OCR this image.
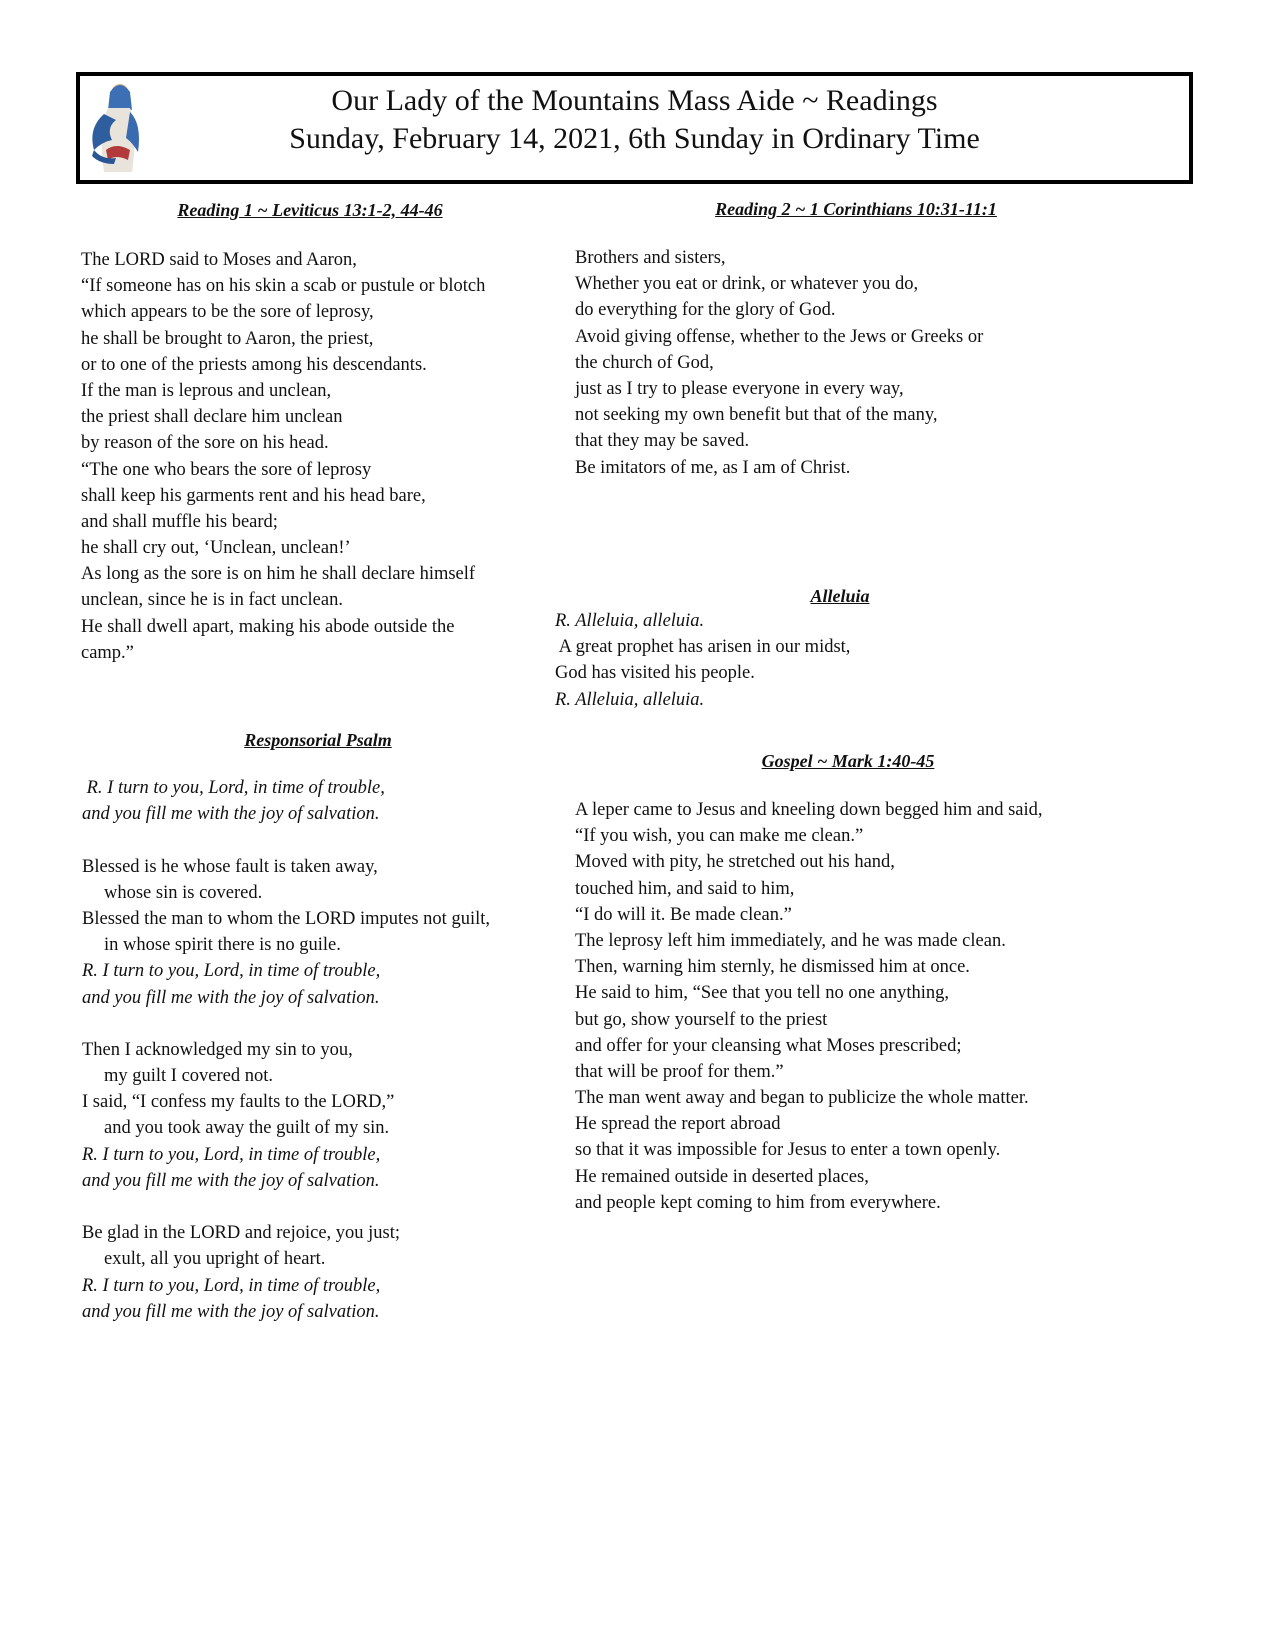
Our Lady of the Mountains Mass Aide ~ Readings
Sunday, February 14, 2021, 6th Sunday in Ordinary Time
Reading 1 ~ Leviticus 13:1-2, 44-46
The LORD said to Moses and Aaron,
“If someone has on his skin a scab or pustule or blotch
which appears to be the sore of leprosy,
he shall be brought to Aaron, the priest,
or to one of the priests among his descendants.
If the man is leprous and unclean,
the priest shall declare him unclean
by reason of the sore on his head.
“The one who bears the sore of leprosy
shall keep his garments rent and his head bare,
and shall muffle his beard;
he shall cry out, ‘Unclean, unclean!’
As long as the sore is on him he shall declare himself
unclean, since he is in fact unclean.
He shall dwell apart, making his abode outside the
camp.”
Reading 2 ~ 1 Corinthians 10:31-11:1
Brothers and sisters,
Whether you eat or drink, or whatever you do,
do everything for the glory of God.
Avoid giving offense, whether to the Jews or Greeks or
the church of God,
just as I try to please everyone in every way,
not seeking my own benefit but that of the many,
that they may be saved.
Be imitators of me, as I am of Christ.
Alleluia
R. Alleluia, alleluia.
A great prophet has arisen in our midst,
God has visited his people.
R. Alleluia, alleluia.
Responsorial Psalm
R. I turn to you, Lord, in time of trouble,
and you fill me with the joy of salvation.
Blessed is he whose fault is taken away,
whose sin is covered.
Blessed the man to whom the LORD imputes not guilt,
in whose spirit there is no guile.
R. I turn to you, Lord, in time of trouble,
and you fill me with the joy of salvation.
Then I acknowledged my sin to you,
my guilt I covered not.
I said, “I confess my faults to the LORD,”
and you took away the guilt of my sin.
R. I turn to you, Lord, in time of trouble,
and you fill me with the joy of salvation.
Be glad in the LORD and rejoice, you just;
exult, all you upright of heart.
R. I turn to you, Lord, in time of trouble,
and you fill me with the joy of salvation.
Gospel ~ Mark 1:40-45
A leper came to Jesus and kneeling down begged him and said,
“If you wish, you can make me clean.”
Moved with pity, he stretched out his hand,
touched him, and said to him,
“I do will it. Be made clean.”
The leprosy left him immediately, and he was made clean.
Then, warning him sternly, he dismissed him at once.
He said to him, “See that you tell no one anything,
but go, show yourself to the priest
and offer for your cleansing what Moses prescribed;
that will be proof for them.”
The man went away and began to publicize the whole matter.
He spread the report abroad
so that it was impossible for Jesus to enter a town openly.
He remained outside in deserted places,
and people kept coming to him from everywhere.
